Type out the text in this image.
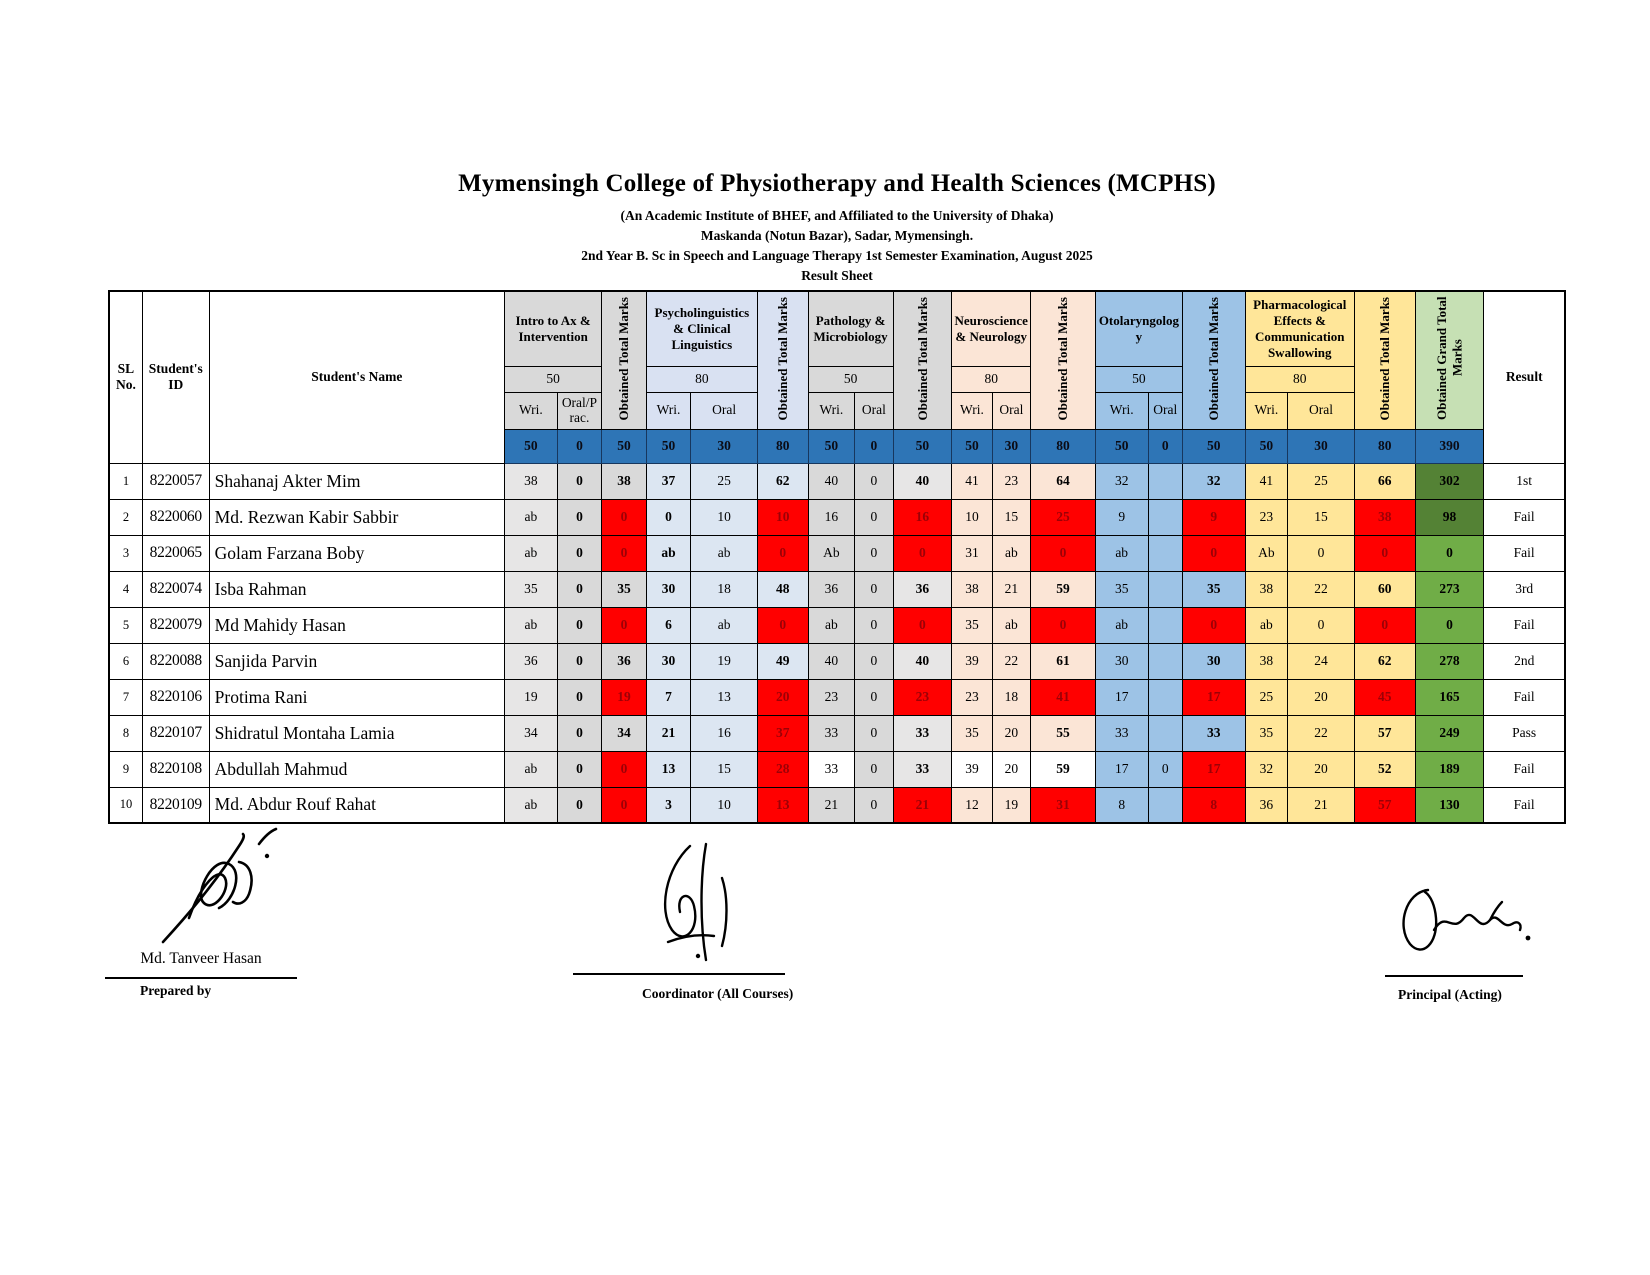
Mymensingh College of Physiotherapy and Health Sciences (MCPHS)
(An Academic Institute of BHEF, and Affiliated to the University of Dhaka)
Maskanda (Notun Bazar), Sadar, Mymensingh.
2nd Year B. Sc in Speech and Language Therapy 1st Semester Examination, August 2025
Result Sheet
SL No.	Student's ID	Student's Name	Intro to Ax & Intervention		Obtained Total Marks	Psycholinguistics & Clinical Linguistics		Obtained Total Marks	Pathology & Microbiology		Obtained Total Marks	Neuroscience & Neurology		Obtained Total Marks	Otolaryngology		Obtained Total Marks	Pharmacological Effects & Communication Swallowing		Obtained Total Marks	Obtained Grand Total Marks	Result
			50			80			50			80			50			80				
			Wri.	Oral/Prac.		Wri.	Oral		Wri.	Oral		Wri.	Oral		Wri.	Oral		Wri.	Oral			
			50	0	50	50	30	80	50	0	50	50	30	80	50	0	50	50	30	80	390	
1	8220057	Shahanaj Akter Mim	38	0	38	37	25	62	40	0	40	41	23	64	32		32	41	25	66	302	1st
2	8220060	Md. Rezwan Kabir Sabbir	ab	0	0	0	10	10	16	0	16	10	15	25	9		9	23	15	38	98	Fail
3	8220065	Golam Farzana Boby	ab	0	0	ab	ab	0	Ab	0	0	31	ab	0	ab		0	Ab	0	0	0	Fail
4	8220074	Isba Rahman	35	0	35	30	18	48	36	0	36	38	21	59	35		35	38	22	60	273	3rd
5	8220079	Md Mahidy Hasan	ab	0	0	6	ab	0	ab	0	0	35	ab	0	ab		0	ab	0	0	0	Fail
6	8220088	Sanjida Parvin	36	0	36	30	19	49	40	0	40	39	22	61	30		30	38	24	62	278	2nd
7	8220106	Protima Rani	19	0	19	7	13	20	23	0	23	23	18	41	17		17	25	20	45	165	Fail
8	8220107	Shidratul Montaha Lamia	34	0	34	21	16	37	33	0	33	35	20	55	33		33	35	22	57	249	Pass
9	8220108	Abdullah Mahmud	ab	0	0	13	15	28	33	0	33	39	20	59	17	0	17	32	20	52	189	Fail
10	8220109	Md. Abdur Rouf Rahat	ab	0	0	3	10	13	21	0	21	12	19	31	8		8	36	21	57	130	Fail
Md. Tanveer Hasan
Prepared by	Coordinator (All Courses)	Principal (Acting)
